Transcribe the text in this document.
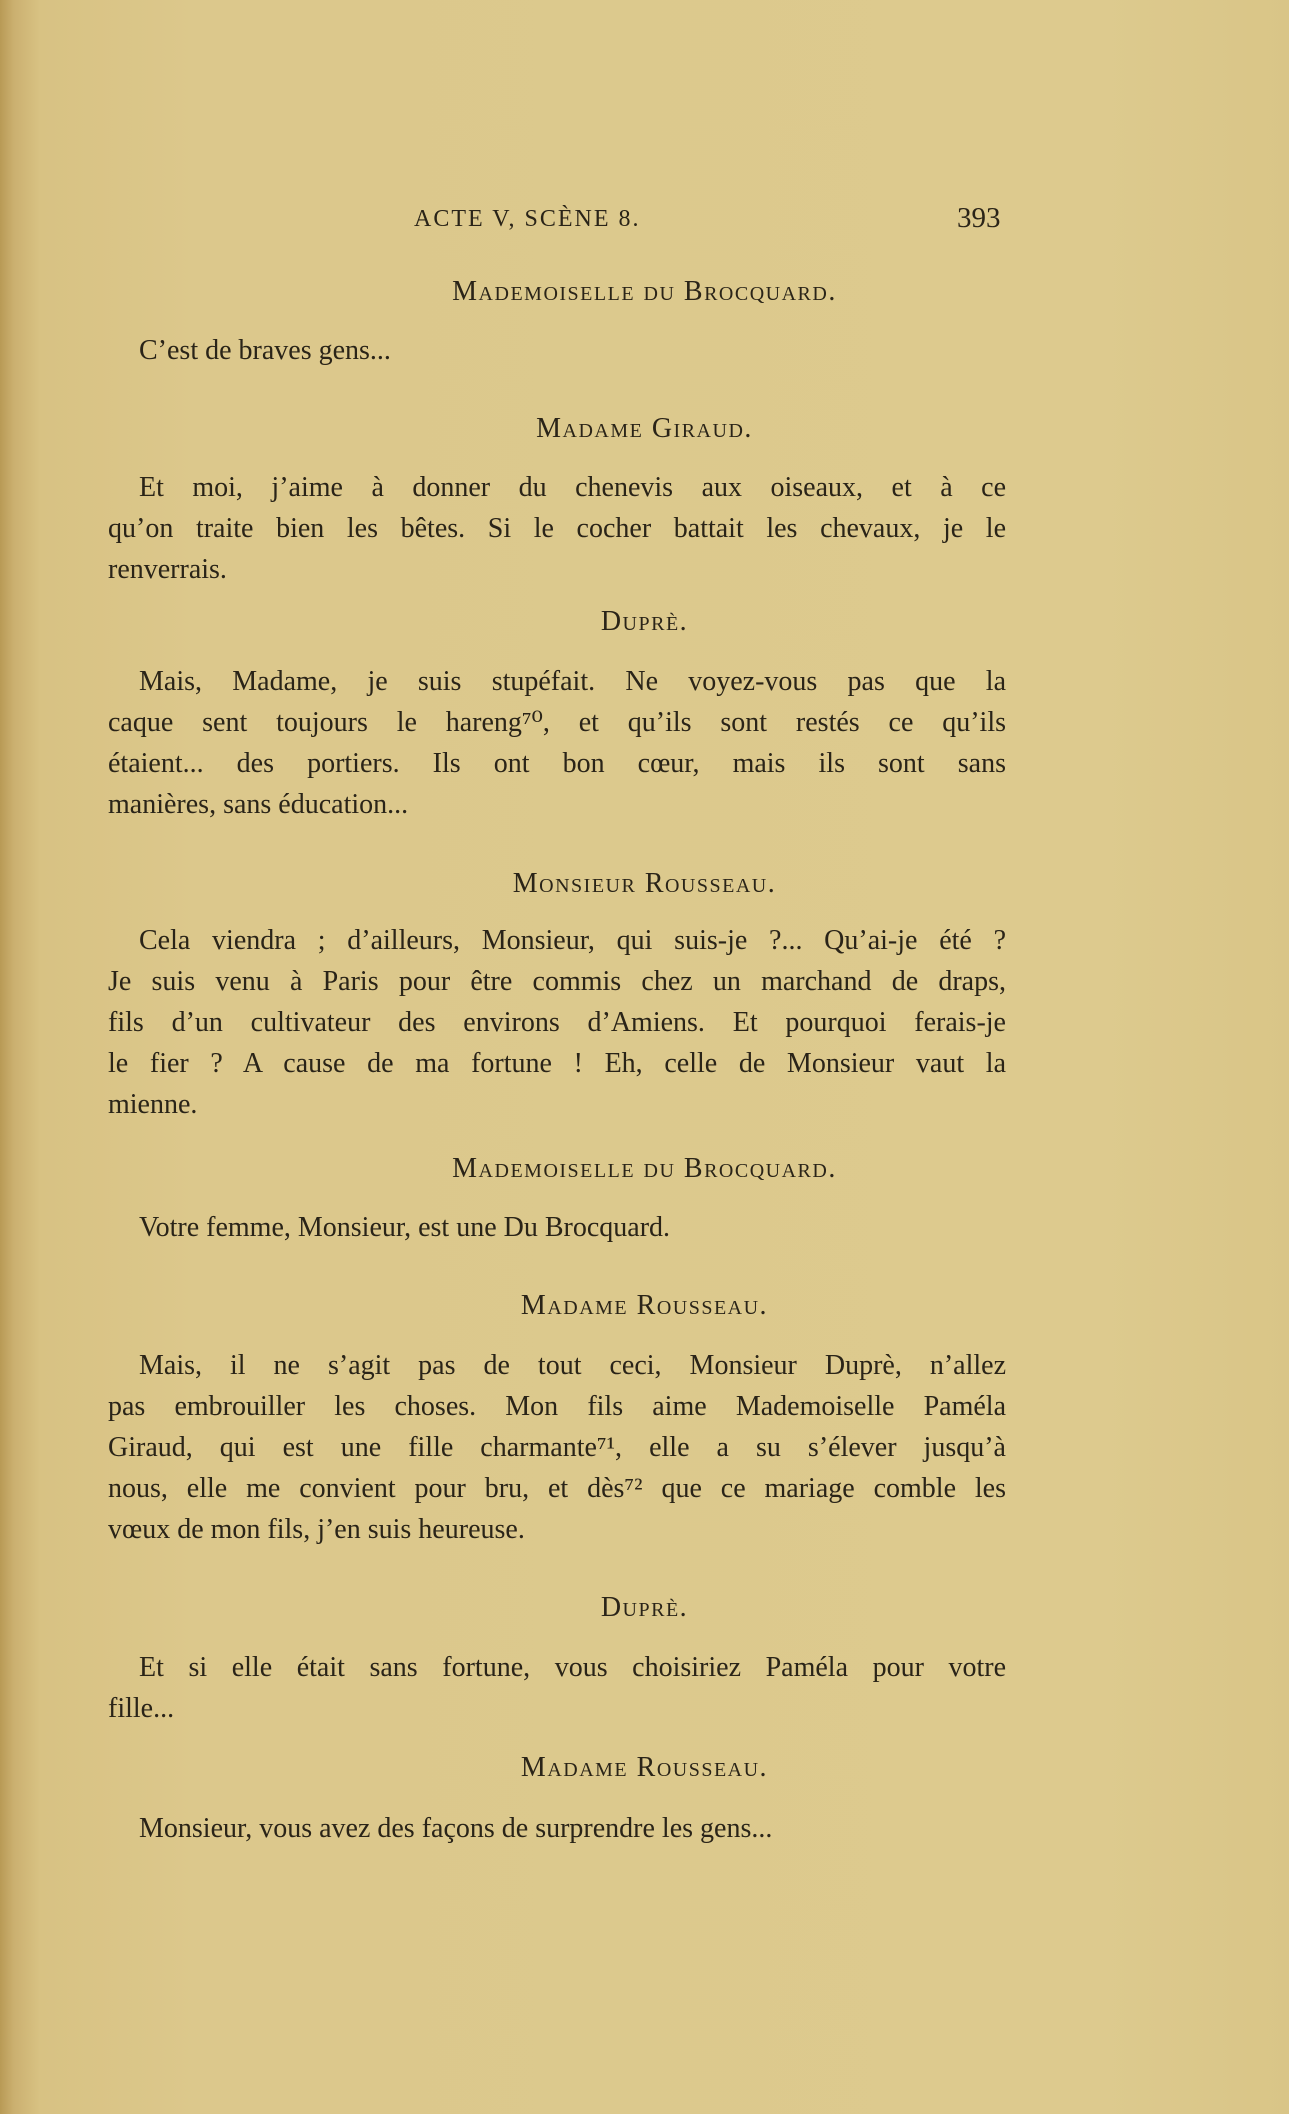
ACTE V, SCÈNE 8.	393
Mademoiselle du Brocquard.
C’est de braves gens...
Madame Giraud.
Et moi, j’aime à donner du chenevis aux oiseaux, et à ce
qu’on traite bien les bêtes. Si le cocher battait les chevaux, je le
renverrais.
Duprè.
Mais, Madame, je suis stupéfait. Ne voyez-vous pas que la
caque sent toujours le hareng⁷⁰, et qu’ils sont restés ce qu’ils
étaient... des portiers. Ils ont bon cœur, mais ils sont sans
manières, sans éducation...
Monsieur Rousseau.
Cela viendra ; d’ailleurs, Monsieur, qui suis-je ?... Qu’ai-je été ?
Je suis venu à Paris pour être commis chez un marchand de draps,
fils d’un cultivateur des environs d’Amiens. Et pourquoi ferais-je
le fier ? A cause de ma fortune ! Eh, celle de Monsieur vaut la
mienne.
Mademoiselle du Brocquard.
Votre femme, Monsieur, est une Du Brocquard.
Madame Rousseau.
Mais, il ne s’agit pas de tout ceci, Monsieur Duprè, n’allez
pas embrouiller les choses. Mon fils aime Mademoiselle Paméla
Giraud, qui est une fille charmante⁷¹, elle a su s’élever jusqu’à
nous, elle me convient pour bru, et dès⁷² que ce mariage comble les
vœux de mon fils, j’en suis heureuse.
Duprè.
Et si elle était sans fortune, vous choisiriez Paméla pour votre
fille...
Madame Rousseau.
Monsieur, vous avez des façons de surprendre les gens...
